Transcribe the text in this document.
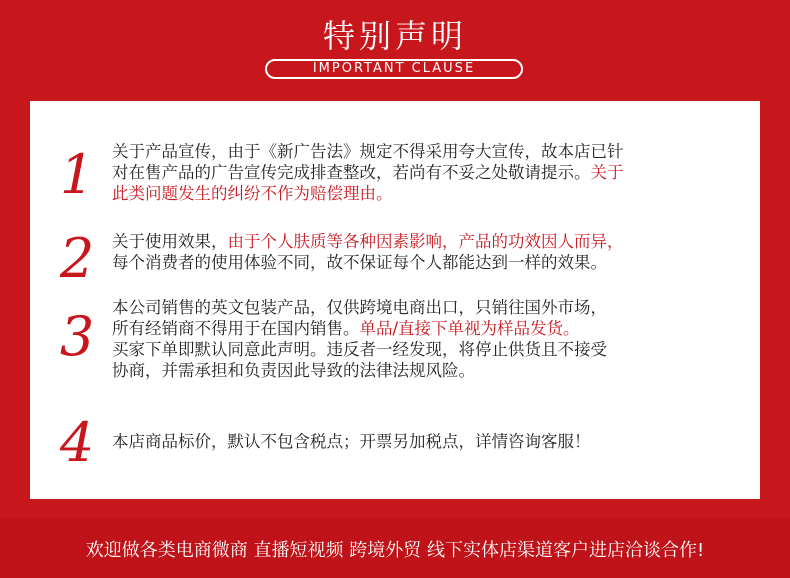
特别声明
IMPORTANT CLAUSE
1	关于产品宣传，由于《新广告法》规定不得采用夸大宣传，故本店已针
对在售产品的广告宣传完成排查整改，若尚有不妥之处敬请提示。关于
此类问题发生的纠纷不作为赔偿理由。
2	关于使用效果，由于个人肤质等各种因素影响，产品的功效因人而异，
每个消费者的使用体验不同，故不保证每个人都能达到一样的效果。
3	本公司销售的英文包装产品，仅供跨境电商出口，只销往国外市场，
所有经销商不得用于在国内销售。单品/直接下单视为样品发货。
买家下单即默认同意此声明。违反者一经发现，将停止供货且不接受
协商，并需承担和负责因此导致的法律法规风险。
4	本店商品标价，默认不包含税点；开票另加税点，详情咨询客服！
欢迎做各类电商微商 直播短视频 跨境外贸 线下实体店渠道客户进店洽谈合作!
